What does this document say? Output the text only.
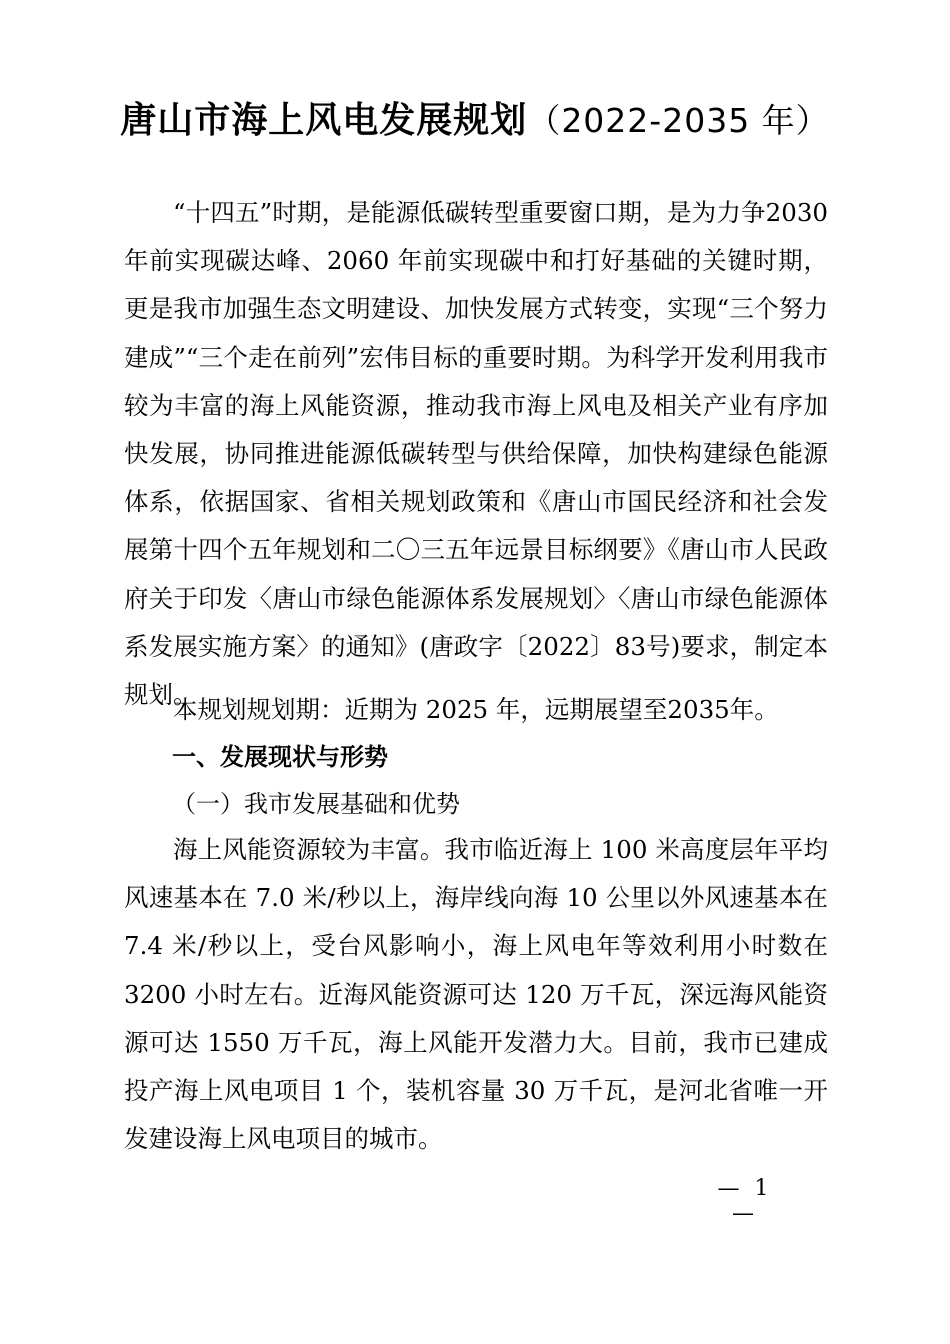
唐山市海上风电发展规划（2022-2035 年）

“十四五”时期，是能源低碳转型重要窗口期，是为力争2030 年前实现碳达峰、2060 年前实现碳中和打好基础的关键时期，更是我市加强生态文明建设、加快发展方式转变，实现“三个努力建成”“三个走在前列”宏伟目标的重要时期。为科学开发利用我市较为丰富的海上风能资源，推动我市海上风电及相关产业有序加快发展，协同推进能源低碳转型与供给保障，加快构建绿色能源体系，依据国家、省相关规划政策和《唐山市国民经济和社会发展第十四个五年规划和二〇三五年远景目标纲要》《唐山市人民政府关于印发〈唐山市绿色能源体系发展规划〉〈唐山市绿色能源体系发展实施方案〉的通知》(唐政字〔2022〕83号)要求，制定本规划。

本规划规划期：近期为 2025 年，远期展望至2035年。
一、发展现状与形势
（一）我市发展基础和优势

海上风能资源较为丰富。我市临近海上 100 米高度层年平均风速基本在 7.0 米/秒以上，海岸线向海 10 公里以外风速基本在 7.4 米/秒以上，受台风影响小，海上风电年等效利用小时数在 3200 小时左右。近海风能资源可达 120 万千瓦，深远海风能资源可达 1550 万千瓦，海上风能开发潜力大。目前，我市已建成投产海上风电项目 1 个，装机容量 30 万千瓦，是河北省唯一开发建设海上风电项目的城市。

— 1 —
